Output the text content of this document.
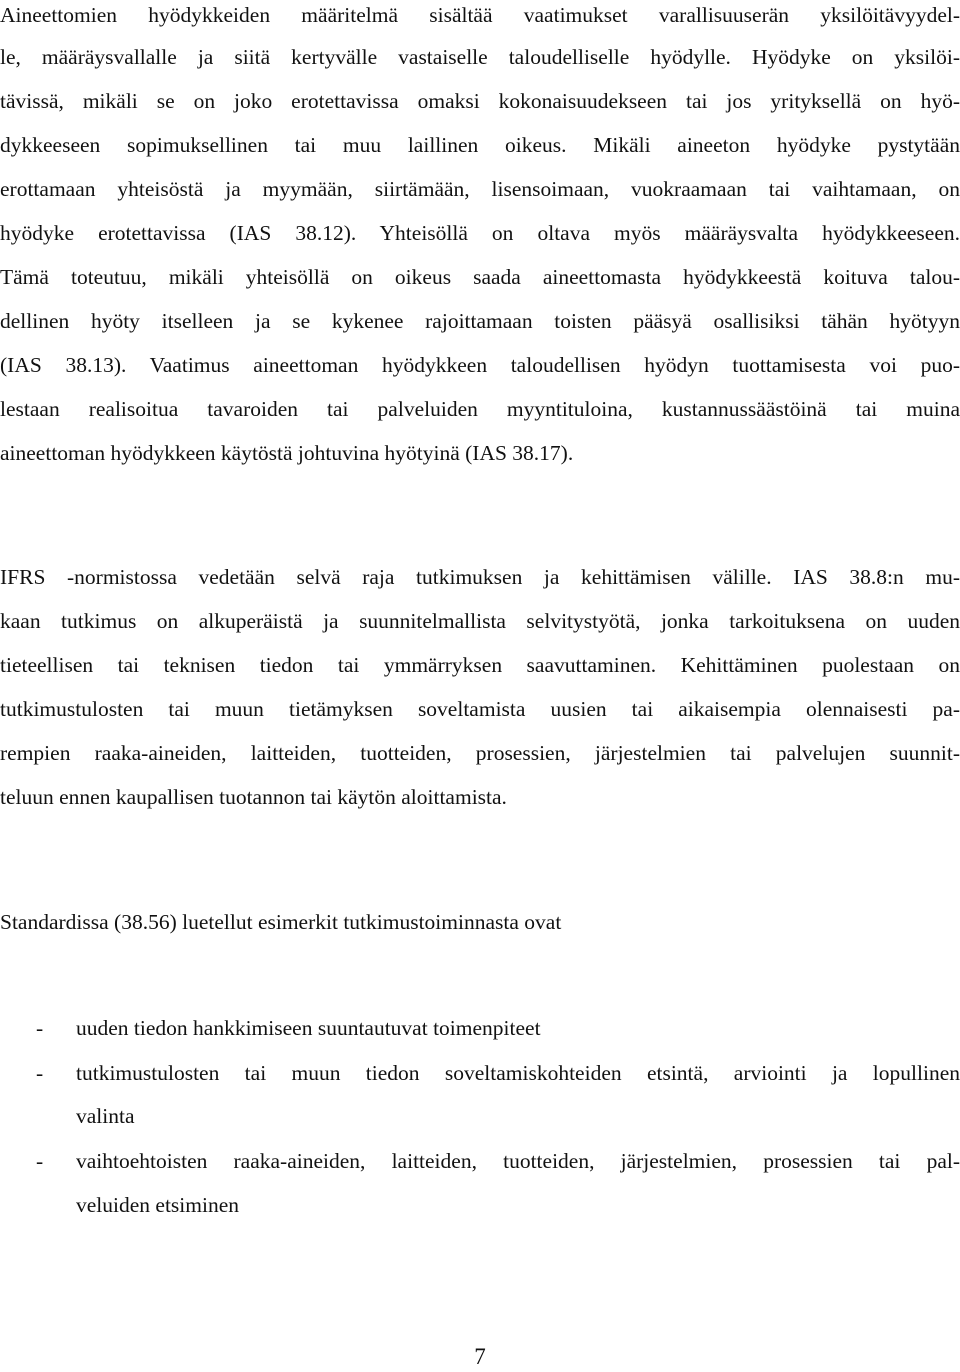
Aineettomien hyödykkeiden määritelmä sisältää vaatimukset varallisuuserän yksilöitävyydel-
le, määräysvallalle ja siitä kertyvälle vastaiselle taloudelliselle hyödylle. Hyödyke on yksilöi-
tävissä, mikäli se on joko erotettavissa omaksi kokonaisuudekseen tai jos yrityksellä on hyö-
dykkeeseen sopimuksellinen tai muu laillinen oikeus. Mikäli aineeton hyödyke pystytään
erottamaan yhteisöstä ja myymään, siirtämään, lisensoimaan, vuokraamaan tai vaihtamaan, on
hyödyke erotettavissa (IAS 38.12). Yhteisöllä on oltava myös määräysvalta hyödykkeeseen.
Tämä toteutuu, mikäli yhteisöllä on oikeus saada aineettomasta hyödykkeestä koituva talou-
dellinen hyöty itselleen ja se kykenee rajoittamaan toisten pääsyä osallisiksi tähän hyötyyn
(IAS 38.13). Vaatimus aineettoman hyödykkeen taloudellisen hyödyn tuottamisesta voi puo-
lestaan realisoitua tavaroiden tai palveluiden myyntituloina, kustannussäästöinä tai muina
aineettoman hyödykkeen käytöstä johtuvina hyötyinä (IAS 38.17).
IFRS -normistossa vedetään selvä raja tutkimuksen ja kehittämisen välille. IAS 38.8:n mu-
kaan tutkimus on alkuperäistä ja suunnitelmallista selvitystyötä, jonka tarkoituksena on uuden
tieteellisen tai teknisen tiedon tai ymmärryksen saavuttaminen. Kehittäminen puolestaan on
tutkimustulosten tai muun tietämyksen soveltamista uusien tai aikaisempia olennaisesti pa-
rempien raaka-aineiden, laitteiden, tuotteiden, prosessien, järjestelmien tai palvelujen suunnit-
teluun ennen kaupallisen tuotannon tai käytön aloittamista.
Standardissa (38.56) luetellut esimerkit tutkimustoiminnasta ovat
- uuden tiedon hankkimiseen suuntautuvat toimenpiteet
- tutkimustulosten tai muun tiedon soveltamiskohteiden etsintä, arviointi ja lopullinen
valinta
- vaihtoehtoisten raaka-aineiden, laitteiden, tuotteiden, järjestelmien, prosessien tai pal-
veluiden etsiminen
7
